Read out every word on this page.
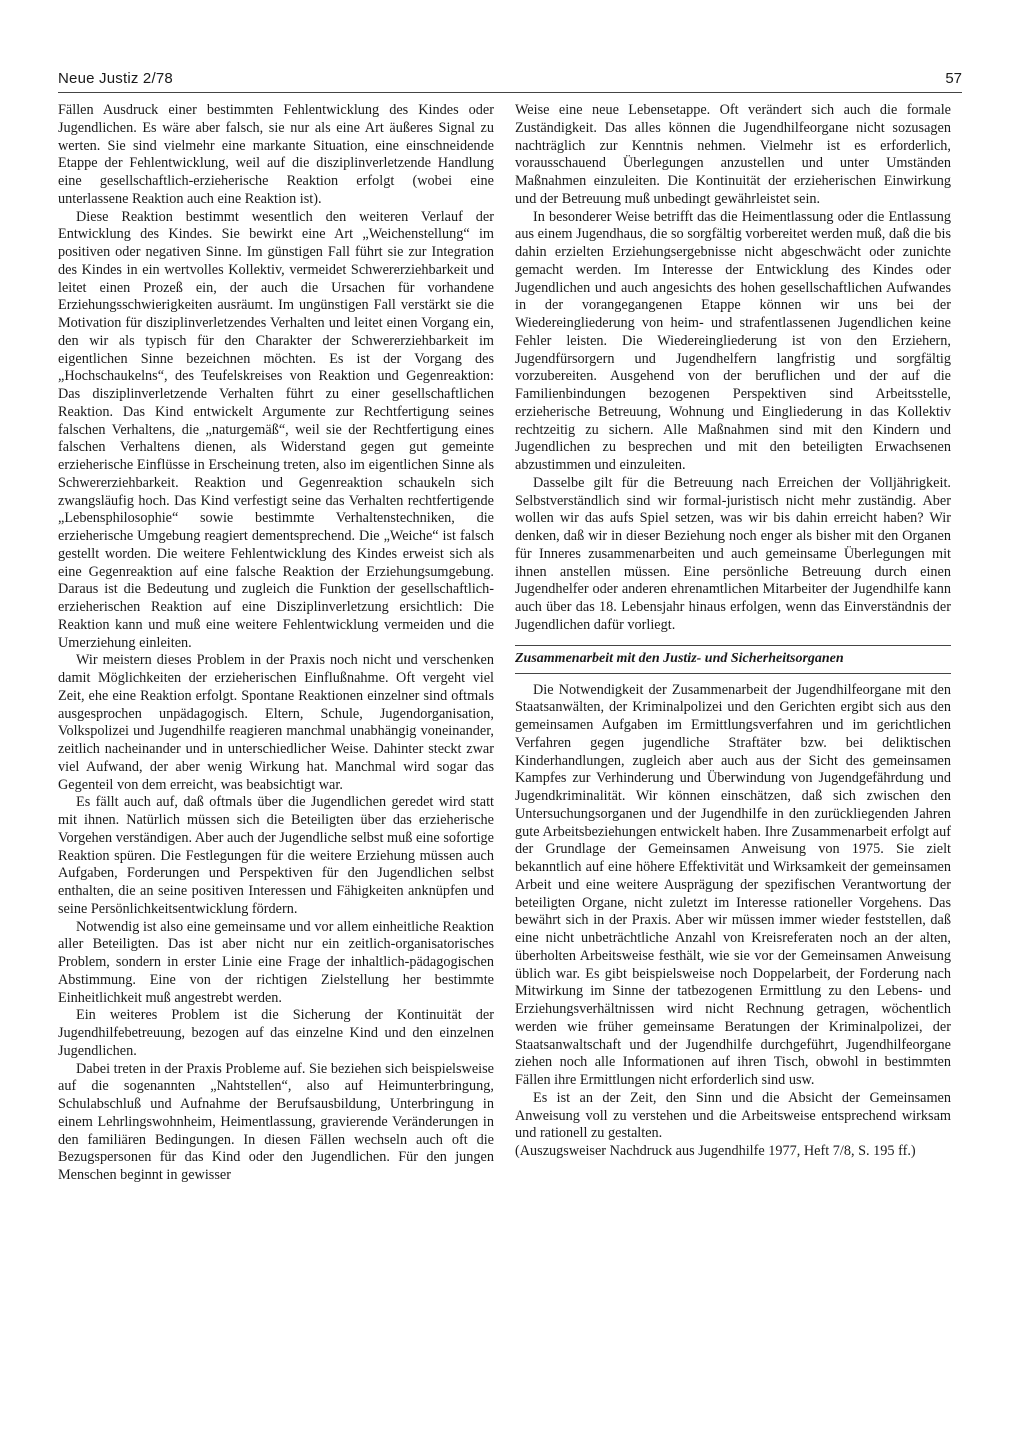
Neue Justiz 2/78	57

Fällen Ausdruck einer bestimmten Fehlentwicklung des Kindes oder Jugendlichen. Es wäre aber falsch, sie nur als eine Art äußeres Signal zu werten. Sie sind vielmehr eine markante Situation, eine einschneidende Etappe der Fehlentwicklung, weil auf die disziplinverletzende Handlung eine gesellschaftlich-erzieherische Reaktion erfolgt (wobei eine unterlassene Reaktion auch eine Reaktion ist).

Diese Reaktion bestimmt wesentlich den weiteren Verlauf der Entwicklung des Kindes. Sie bewirkt eine Art „Weichenstellung“ im positiven oder negativen Sinne. Im günstigen Fall führt sie zur Integration des Kindes in ein wertvolles Kollektiv, vermeidet Schwererziehbarkeit und leitet einen Prozeß ein, der auch die Ursachen für vorhandene Erziehungsschwierigkeiten ausräumt. Im ungünstigen Fall verstärkt sie die Motivation für disziplinverletzendes Verhalten und leitet einen Vorgang ein, den wir als typisch für den Charakter der Schwererziehbarkeit im eigentlichen Sinne bezeichnen möchten. Es ist der Vorgang des „Hochschaukelns“, des Teufelskreises von Reaktion und Gegenreaktion: Das disziplinverletzende Verhalten führt zu einer gesellschaftlichen Reaktion. Das Kind entwickelt Argumente zur Rechtfertigung seines falschen Verhaltens, die „naturgemäß“, weil sie der Rechtfertigung eines falschen Verhaltens dienen, als Widerstand gegen gut gemeinte erzieherische Einflüsse in Erscheinung treten, also im eigentlichen Sinne als Schwererziehbarkeit. Reaktion und Gegenreaktion schaukeln sich zwangsläufig hoch. Das Kind verfestigt seine das Verhalten rechtfertigende „Lebensphilosophie“ sowie bestimmte Verhaltenstechniken, die erzieherische Umgebung reagiert dementsprechend. Die „Weiche“ ist falsch gestellt worden. Die weitere Fehlentwicklung des Kindes erweist sich als eine Gegenreaktion auf eine falsche Reaktion der Erziehungsumgebung. Daraus ist die Bedeutung und zugleich die Funktion der gesellschaftlich-erzieherischen Reaktion auf eine Disziplinverletzung ersichtlich: Die Reaktion kann und muß eine weitere Fehlentwicklung vermeiden und die Umerziehung einleiten.

Wir meistern dieses Problem in der Praxis noch nicht und verschenken damit Möglichkeiten der erzieherischen Einflußnahme. Oft vergeht viel Zeit, ehe eine Reaktion erfolgt. Spontane Reaktionen einzelner sind oftmals ausgesprochen unpädagogisch. Eltern, Schule, Jugendorganisation, Volkspolizei und Jugendhilfe reagieren manchmal unabhängig voneinander, zeitlich nacheinander und in unterschiedlicher Weise. Dahinter steckt zwar viel Aufwand, der aber wenig Wirkung hat. Manchmal wird sogar das Gegenteil von dem erreicht, was beabsichtigt war.

Es fällt auch auf, daß oftmals über die Jugendlichen geredet wird statt mit ihnen. Natürlich müssen sich die Beteiligten über das erzieherische Vorgehen verständigen. Aber auch der Jugendliche selbst muß eine sofortige Reaktion spüren. Die Festlegungen für die weitere Erziehung müssen auch Aufgaben, Forderungen und Perspektiven für den Jugendlichen selbst enthalten, die an seine positiven Interessen und Fähigkeiten anknüpfen und seine Persönlichkeitsentwicklung fördern.

Notwendig ist also eine gemeinsame und vor allem einheitliche Reaktion aller Beteiligten. Das ist aber nicht nur ein zeitlich-organisatorisches Problem, sondern in erster Linie eine Frage der inhaltlich-pädagogischen Abstimmung. Eine von der richtigen Zielstellung her bestimmte Einheitlichkeit muß angestrebt werden.

Ein weiteres Problem ist die Sicherung der Kontinuität der Jugendhilfebetreuung, bezogen auf das einzelne Kind und den einzelnen Jugendlichen.

Dabei treten in der Praxis Probleme auf. Sie beziehen sich beispielsweise auf die sogenannten „Nahtstellen“, also auf Heimunterbringung, Schulabschluß und Aufnahme der Berufsausbildung, Unterbringung in einem Lehrlingswohnheim, Heimentlassung, gravierende Veränderungen in den familiären Bedingungen. In diesen Fällen wechseln auch oft die Bezugspersonen für das Kind oder den Jugendlichen. Für den jungen Menschen beginnt in gewisser

Weise eine neue Lebensetappe. Oft verändert sich auch die formale Zuständigkeit. Das alles können die Jugendhilfeorgane nicht sozusagen nachträglich zur Kenntnis nehmen. Vielmehr ist es erforderlich, vorausschauend Überlegungen anzustellen und unter Umständen Maßnahmen einzuleiten. Die Kontinuität der erzieherischen Einwirkung und der Betreuung muß unbedingt gewährleistet sein.

In besonderer Weise betrifft das die Heimentlassung oder die Entlassung aus einem Jugendhaus, die so sorgfältig vorbereitet werden muß, daß die bis dahin erzielten Erziehungsergebnisse nicht abgeschwächt oder zunichte gemacht werden. Im Interesse der Entwicklung des Kindes oder Jugendlichen und auch angesichts des hohen gesellschaftlichen Aufwandes in der vorangegangenen Etappe können wir uns bei der Wiedereingliederung von heim- und strafentlassenen Jugendlichen keine Fehler leisten. Die Wiedereingliederung ist von den Erziehern, Jugendfürsorgern und Jugendhelfern langfristig und sorgfältig vorzubereiten. Ausgehend von der beruflichen und der auf die Familienbindungen bezogenen Perspektiven sind Arbeitsstelle, erzieherische Betreuung, Wohnung und Eingliederung in das Kollektiv rechtzeitig zu sichern. Alle Maßnahmen sind mit den Kindern und Jugendlichen zu besprechen und mit den beteiligten Erwachsenen abzustimmen und einzuleiten.

Dasselbe gilt für die Betreuung nach Erreichen der Volljährigkeit. Selbstverständlich sind wir formal-juristisch nicht mehr zuständig. Aber wollen wir das aufs Spiel setzen, was wir bis dahin erreicht haben? Wir denken, daß wir in dieser Beziehung noch enger als bisher mit den Organen für Inneres zusammenarbeiten und auch gemeinsame Überlegungen mit ihnen anstellen müssen. Eine persönliche Betreuung durch einen Jugendhelfer oder anderen ehrenamtlichen Mitarbeiter der Jugendhilfe kann auch über das 18. Lebensjahr hinaus erfolgen, wenn das Einverständnis der Jugendlichen dafür vorliegt.

Zusammenarbeit mit den Justiz- und Sicherheitsorganen

Die Notwendigkeit der Zusammenarbeit der Jugendhilfeorgane mit den Staatsanwälten, der Kriminalpolizei und den Gerichten ergibt sich aus den gemeinsamen Aufgaben im Ermittlungsverfahren und im gerichtlichen Verfahren gegen jugendliche Straftäter bzw. bei deliktischen Kinderhandlungen, zugleich aber auch aus der Sicht des gemeinsamen Kampfes zur Verhinderung und Überwindung von Jugendgefährdung und Jugendkriminalität. Wir können einschätzen, daß sich zwischen den Untersuchungsorganen und der Jugendhilfe in den zurückliegenden Jahren gute Arbeitsbeziehungen entwickelt haben. Ihre Zusammenarbeit erfolgt auf der Grundlage der Gemeinsamen Anweisung von 1975. Sie zielt bekanntlich auf eine höhere Effektivität und Wirksamkeit der gemeinsamen Arbeit und eine weitere Ausprägung der spezifischen Verantwortung der beteiligten Organe, nicht zuletzt im Interesse rationeller Vorgehens. Das bewährt sich in der Praxis. Aber wir müssen immer wieder feststellen, daß eine nicht unbeträchtliche Anzahl von Kreisreferaten noch an der alten, überholten Arbeitsweise festhält, wie sie vor der Gemeinsamen Anweisung üblich war. Es gibt beispielsweise noch Doppelarbeit, der Forderung nach Mitwirkung im Sinne der tatbezogenen Ermittlung zu den Lebens- und Erziehungsverhältnissen wird nicht Rechnung getragen, wöchentlich werden wie früher gemeinsame Beratungen der Kriminalpolizei, der Staatsanwaltschaft und der Jugendhilfe durchgeführt, Jugendhilfeorgane ziehen noch alle Informationen auf ihren Tisch, obwohl in bestimmten Fällen ihre Ermittlungen nicht erforderlich sind usw.

Es ist an der Zeit, den Sinn und die Absicht der Gemeinsamen Anweisung voll zu verstehen und die Arbeitsweise entsprechend wirksam und rationell zu gestalten.

(Auszugsweiser Nachdruck aus Jugendhilfe 1977, Heft 7/8, S. 195 ff.)
